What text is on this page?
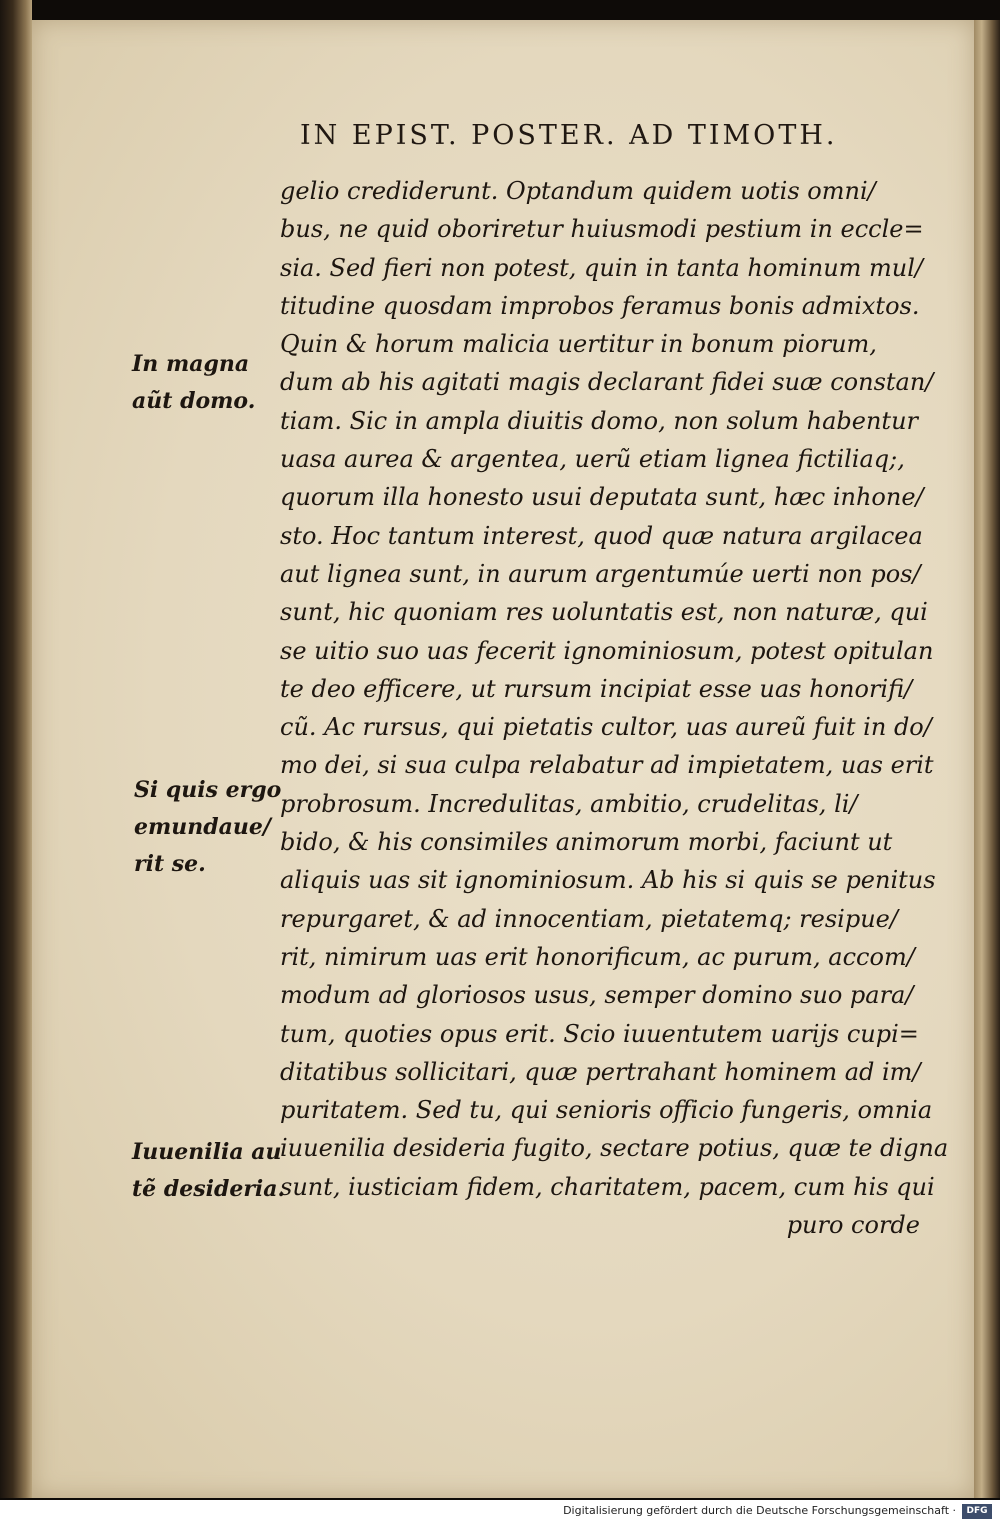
IN EPIST. POSTER. AD TIMOTH.
gelio crediderunt. Optandum quidem uotis omni/
bus, ne quid oboriretur huiusmodi pestium in eccle=
sia. Sed fieri non potest, quin in tanta hominum mul/
titudine quosdam improbos feramus bonis admixtos.
Quin & horum malicia uertitur in bonum piorum,
dum ab his agitati magis declarant fidei suæ constan/
tiam. Sic in ampla diuitis domo, non solum habentur
uasa aurea & argentea, uerũ etiam lignea fictiliaq;,
quorum illa honesto usui deputata sunt, hæc inhone/
sto. Hoc tantum interest, quod quæ natura argilacea
aut lignea sunt, in aurum argentumúe uerti non pos/
sunt, hic quoniam res uoluntatis est, non naturæ, qui
se uitio suo uas fecerit ignominiosum, potest opitulan
te deo efficere, ut rursum incipiat esse uas honorifi/
cũ. Ac rursus, qui pietatis cultor, uas aureũ fuit in do/
mo dei, si sua culpa relabatur ad impietatem, uas erit
probrosum. Incredulitas, ambitio, crudelitas, li/
bido, & his consimiles animorum morbi, faciunt ut
aliquis uas sit ignominiosum. Ab his si quis se penitus
repurgaret, & ad innocentiam, pietatemq; resipue/
rit, nimirum uas erit honorificum, ac purum, accom/
modum ad gloriosos usus, semper domino suo para/
tum, quoties opus erit. Scio iuuentutem uarijs cupi=
ditatibus sollicitari, quæ pertrahant hominem ad im/
puritatem. Sed tu, qui senioris officio fungeris, omnia
iuuenilia desideria fugito, sectare potius, quæ te digna
sunt, iusticiam fidem, charitatem, pacem, cum his qui
puro corde
In magna
aũt domo.
Si quis ergo
emundaue/
rit se.
Iuuenilia au
tẽ desideria.
Digitalisierung gefördert durch die Deutsche Forschungsgemeinschaft ·	DFG
